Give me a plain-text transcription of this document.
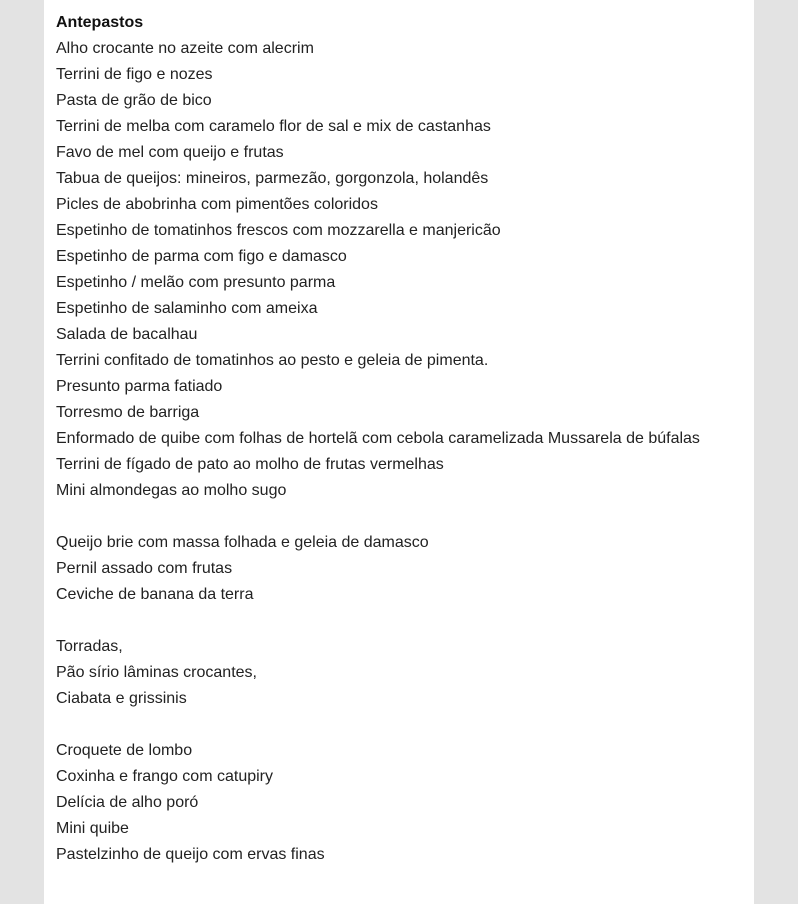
Antepastos
Alho crocante no azeite com alecrim
Terrini de figo e nozes
Pasta de grão de bico
Terrini de melba com caramelo flor de sal e mix de castanhas
Favo de mel com queijo e frutas
Tabua de queijos: mineiros, parmezão, gorgonzola, holandês
Picles de abobrinha com pimentões coloridos
Espetinho de tomatinhos frescos com mozzarella e manjericão
Espetinho de parma com figo e damasco
Espetinho / melão com presunto parma
Espetinho de salaminho com ameixa
Salada de bacalhau
Terrini confitado de tomatinhos ao pesto e geleia de pimenta.
Presunto parma fatiado
Torresmo de barriga
Enformado de quibe com folhas de hortelã com cebola caramelizada Mussarela de búfalas
Terrini de fígado de pato ao molho de frutas vermelhas
Mini almondegas ao molho sugo
Queijo brie com massa folhada e geleia de damasco
Pernil assado com frutas
Ceviche de banana da terra
Torradas,
Pão sírio lâminas crocantes,
Ciabata e grissinis
Croquete de lombo
Coxinha e frango com catupiry
Delícia de alho poró
Mini quibe
Pastelzinho de queijo com ervas finas
